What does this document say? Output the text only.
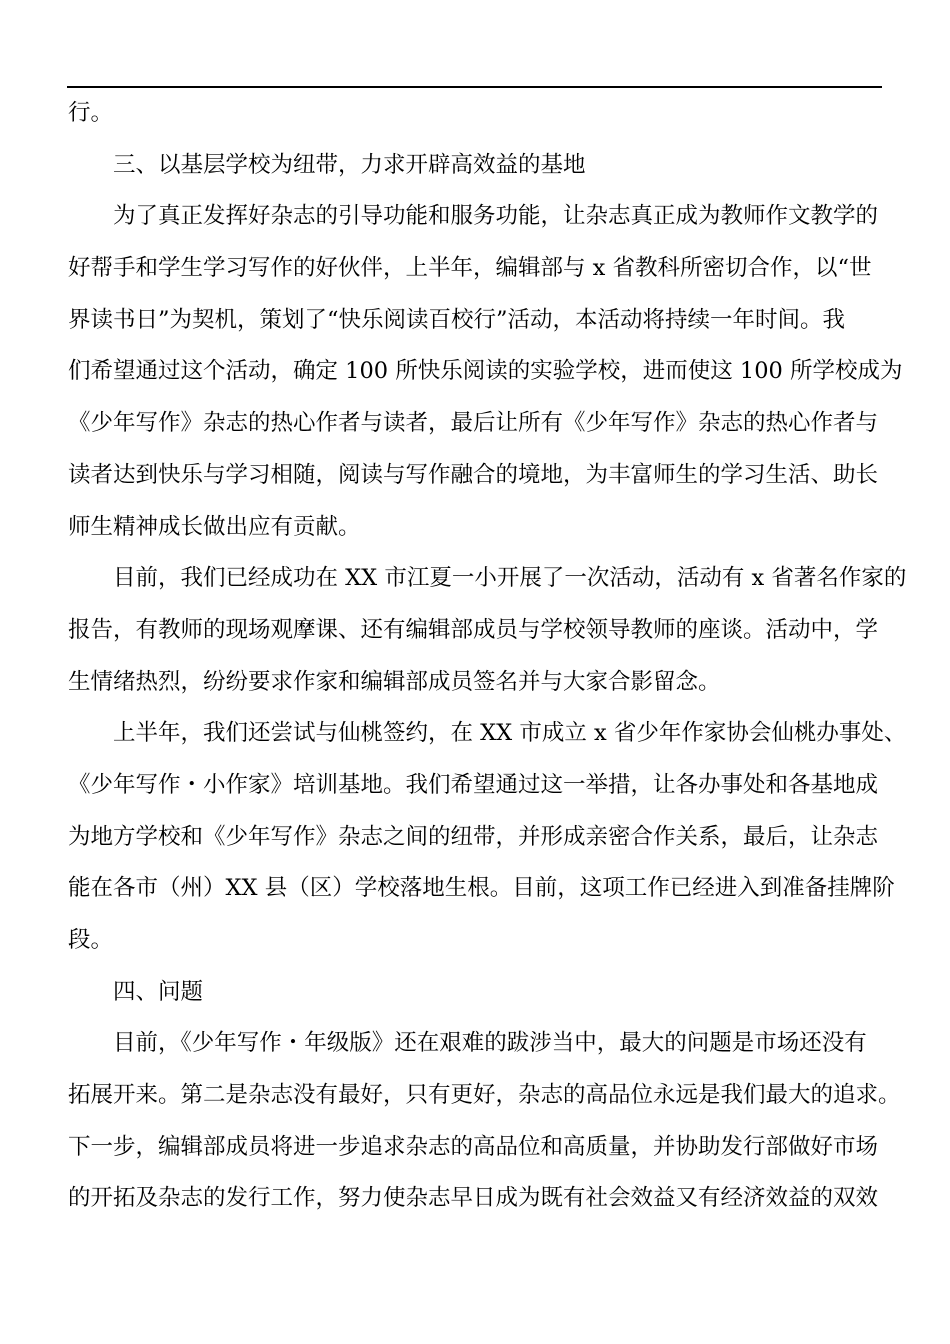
行。
三、以基层学校为纽带，力求开辟高效益的基地
为了真正发挥好杂志的引导功能和服务功能，让杂志真正成为教师作文教学的
好帮手和学生学习写作的好伙伴，上半年，编辑部与 x 省教科所密切合作，以“世
界读书日”为契机，策划了“快乐阅读百校行”活动，本活动将持续一年时间。我
们希望通过这个活动，确定 100 所快乐阅读的实验学校，进而使这 100 所学校成为
《少年写作》杂志的热心作者与读者，最后让所有《少年写作》杂志的热心作者与
读者达到快乐与学习相随，阅读与写作融合的境地，为丰富师生的学习生活、助长
师生精神成长做出应有贡献。
目前，我们已经成功在 XX 市江夏一小开展了一次活动，活动有 x 省著名作家的
报告，有教师的现场观摩课、还有编辑部成员与学校领导教师的座谈。活动中，学
生情绪热烈，纷纷要求作家和编辑部成员签名并与大家合影留念。
上半年，我们还尝试与仙桃签约，在 XX 市成立 x 省少年作家协会仙桃办事处、
《少年写作・小作家》培训基地。我们希望通过这一举措，让各办事处和各基地成
为地方学校和《少年写作》杂志之间的纽带，并形成亲密合作关系，最后，让杂志
能在各市（州）XX 县（区）学校落地生根。目前，这项工作已经进入到准备挂牌阶
段。
四、问题
目前，《少年写作・年级版》还在艰难的跋涉当中，最大的问题是市场还没有
拓展开来。第二是杂志没有最好，只有更好，杂志的高品位永远是我们最大的追求。
下一步，编辑部成员将进一步追求杂志的高品位和高质量，并协助发行部做好市场
的开拓及杂志的发行工作，努力使杂志早日成为既有社会效益又有经济效益的双效
